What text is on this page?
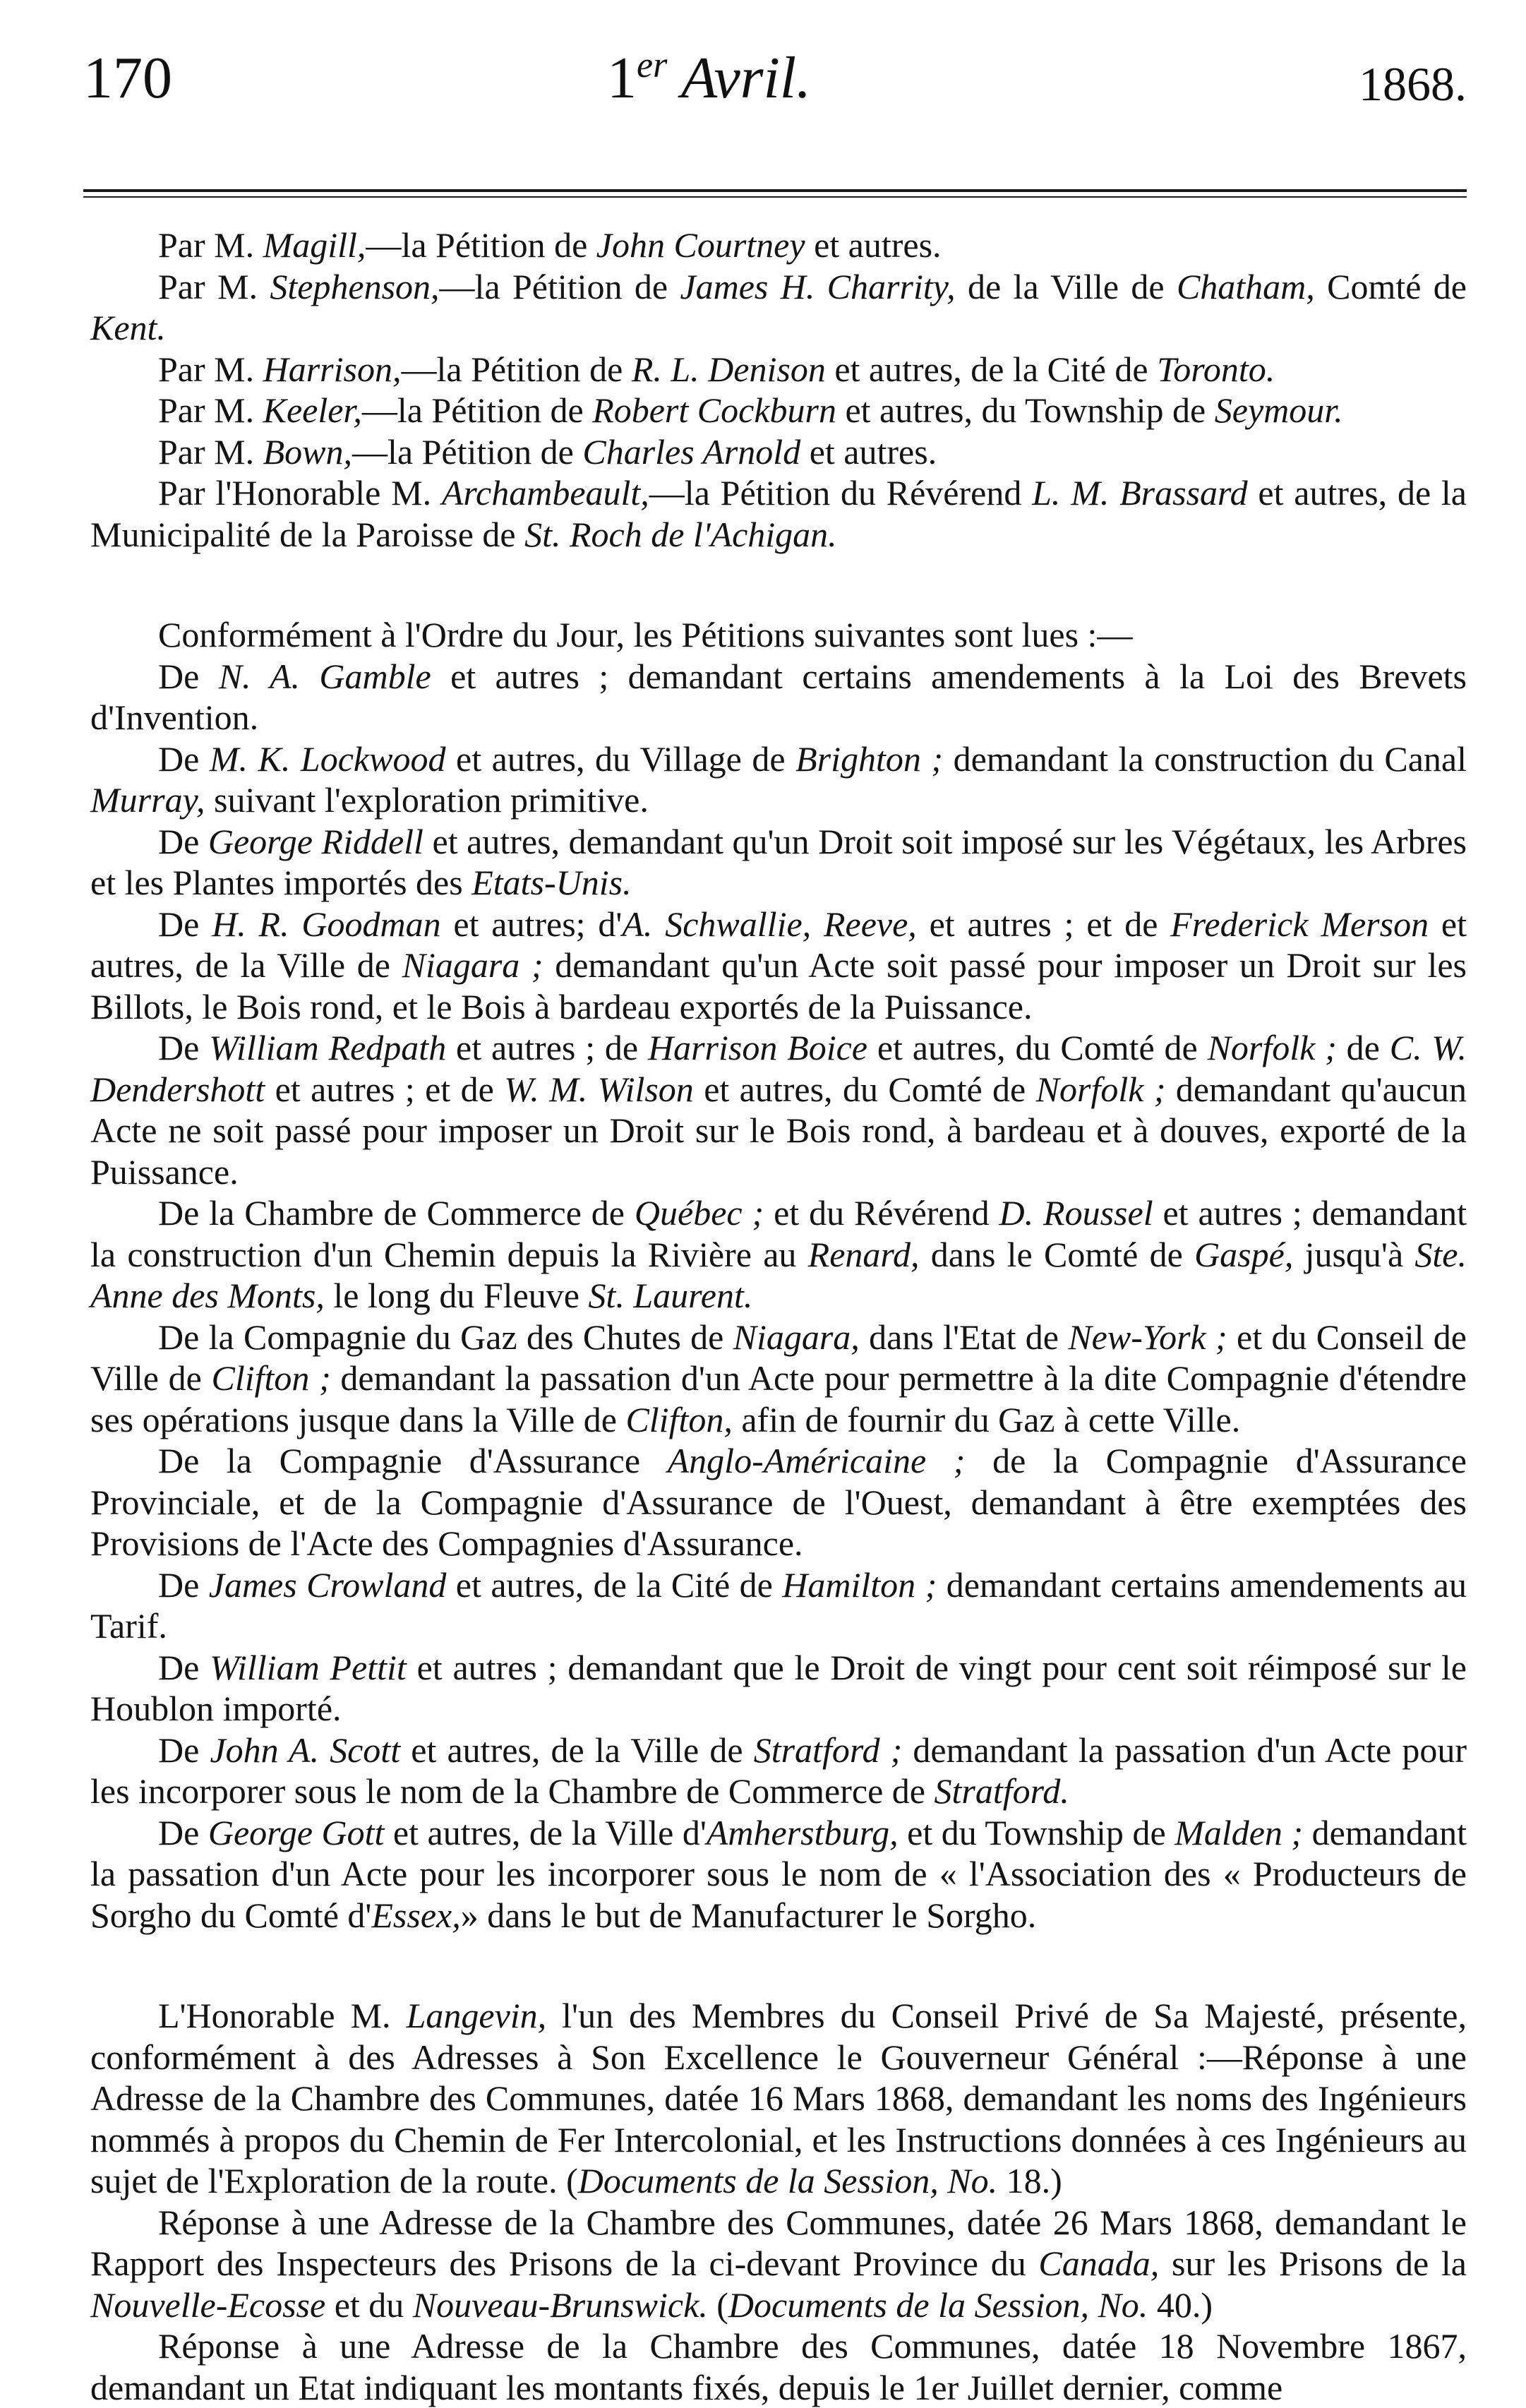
170	1er Avril.	1868.

Par M. Magill,—la Pétition de John Courtney et autres.

Par M. Stephenson,—la Pétition de James H. Charrity, de la Ville de Chatham, Comté de Kent.

Par M. Harrison,—la Pétition de R. L. Denison et autres, de la Cité de Toronto.

Par M. Keeler,—la Pétition de Robert Cockburn et autres, du Township de Seymour.

Par M. Bown,—la Pétition de Charles Arnold et autres.

Par l'Honorable M. Archambeault,—la Pétition du Révérend L. M. Brassard et autres, de la Municipalité de la Paroisse de St. Roch de l'Achigan.

Conformément à l'Ordre du Jour, les Pétitions suivantes sont lues :—

De N. A. Gamble et autres ; demandant certains amendements à la Loi des Brevets d'Invention.

De M. K. Lockwood et autres, du Village de Brighton ; demandant la construction du Canal Murray, suivant l'exploration primitive.

De George Riddell et autres, demandant qu'un Droit soit imposé sur les Végétaux, les Arbres et les Plantes importés des Etats-Unis.

De H. R. Goodman et autres; d'A. Schwallie, Reeve, et autres ; et de Frederick Merson et autres, de la Ville de Niagara ; demandant qu'un Acte soit passé pour imposer un Droit sur les Billots, le Bois rond, et le Bois à bardeau exportés de la Puissance.

De William Redpath et autres ; de Harrison Boice et autres, du Comté de Norfolk ; de C. W. Dendershott et autres ; et de W. M. Wilson et autres, du Comté de Norfolk ; demandant qu'aucun Acte ne soit passé pour imposer un Droit sur le Bois rond, à bardeau et à douves, exporté de la Puissance.

De la Chambre de Commerce de Québec ; et du Révérend D. Roussel et autres ; demandant la construction d'un Chemin depuis la Rivière au Renard, dans le Comté de Gaspé, jusqu'à Ste. Anne des Monts, le long du Fleuve St. Laurent.

De la Compagnie du Gaz des Chutes de Niagara, dans l'Etat de New-York ; et du Conseil de Ville de Clifton ; demandant la passation d'un Acte pour permettre à la dite Compagnie d'étendre ses opérations jusque dans la Ville de Clifton, afin de fournir du Gaz à cette Ville.

De la Compagnie d'Assurance Anglo-Américaine ; de la Compagnie d'Assurance Provinciale, et de la Compagnie d'Assurance de l'Ouest, demandant à être exemptées des Provisions de l'Acte des Compagnies d'Assurance.

De James Crowland et autres, de la Cité de Hamilton ; demandant certains amendements au Tarif.

De William Pettit et autres ; demandant que le Droit de vingt pour cent soit réimposé sur le Houblon importé.

De John A. Scott et autres, de la Ville de Stratford ; demandant la passation d'un Acte pour les incorporer sous le nom de la Chambre de Commerce de Stratford.

De George Gott et autres, de la Ville d'Amherstburg, et du Township de Malden ; demandant la passation d'un Acte pour les incorporer sous le nom de « l'Association des « Producteurs de Sorgho du Comté d'Essex,» dans le but de Manufacturer le Sorgho.

L'Honorable M. Langevin, l'un des Membres du Conseil Privé de Sa Majesté, présente, conformément à des Adresses à Son Excellence le Gouverneur Général :—Réponse à une Adresse de la Chambre des Communes, datée 16 Mars 1868, demandant les noms des Ingénieurs nommés à propos du Chemin de Fer Intercolonial, et les Instructions données à ces Ingénieurs au sujet de l'Exploration de la route. (Documents de la Session, No. 18.)

Réponse à une Adresse de la Chambre des Communes, datée 26 Mars 1868, demandant le Rapport des Inspecteurs des Prisons de la ci-devant Province du Canada, sur les Prisons de la Nouvelle-Ecosse et du Nouveau-Brunswick. (Documents de la Session, No. 40.)

Réponse à une Adresse de la Chambre des Communes, datée 18 Novembre 1867, demandant un Etat indiquant les montants fixés, depuis le 1er Juillet dernier, comme
